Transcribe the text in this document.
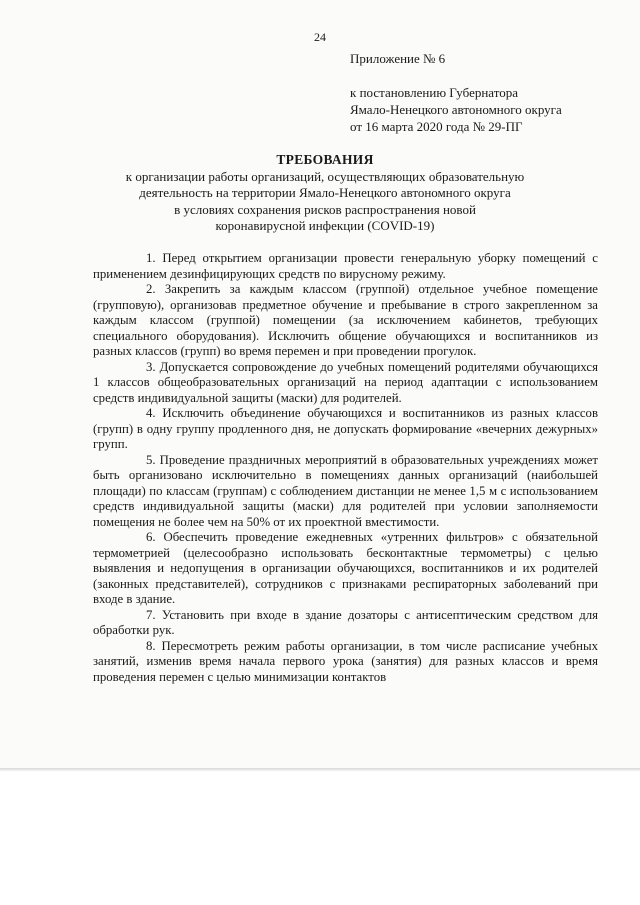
24
Приложение № 6
к постановлению Губернатора
Ямало-Ненецкого автономного округа
от 16 марта 2020 года № 29-ПГ
ТРЕБОВАНИЯ
к организации работы организаций, осуществляющих образовательную
деятельность на территории Ямало-Ненецкого автономного округа
в условиях сохранения рисков распространения новой
коронавирусной инфекции (COVID-19)

1. Перед открытием организации провести генеральную уборку помещений с применением дезинфицирующих средств по вирусному режиму.

2. Закрепить за каждым классом (группой) отдельное учебное помещение (групповую), организовав предметное обучение и пребывание в строго закрепленном за каждым классом (группой) помещении (за исключением кабинетов, требующих специального оборудования). Исключить общение обучающихся и воспитанников из разных классов (групп) во время перемен и при проведении прогулок.

3. Допускается сопровождение до учебных помещений родителями обучающихся 1 классов общеобразовательных организаций на период адаптации с использованием средств индивидуальной защиты (маски) для родителей.

4. Исключить объединение обучающихся и воспитанников из разных классов (групп) в одну группу продленного дня, не допускать формирование «вечерних дежурных» групп.

5. Проведение праздничных мероприятий в образовательных учреждениях может быть организовано исключительно в помещениях данных организаций (наибольшей площади) по классам (группам) с соблюдением дистанции не менее 1,5 м с использованием средств индивидуальной защиты (маски) для родителей при условии заполняемости помещения не более чем на 50% от их проектной вместимости.

6. Обеспечить проведение ежедневных «утренних фильтров» с обязательной термометрией (целесообразно использовать бесконтактные термометры) с целью выявления и недопущения в организации обучающихся, воспитанников и их родителей (законных представителей), сотрудников с признаками респираторных заболеваний при входе в здание.

7. Установить при входе в здание дозаторы с антисептическим средством для обработки рук.

8. Пересмотреть режим работы организации, в том числе расписание учебных занятий, изменив время начала первого урока (занятия) для разных классов и время проведения перемен с целью минимизации контактов
